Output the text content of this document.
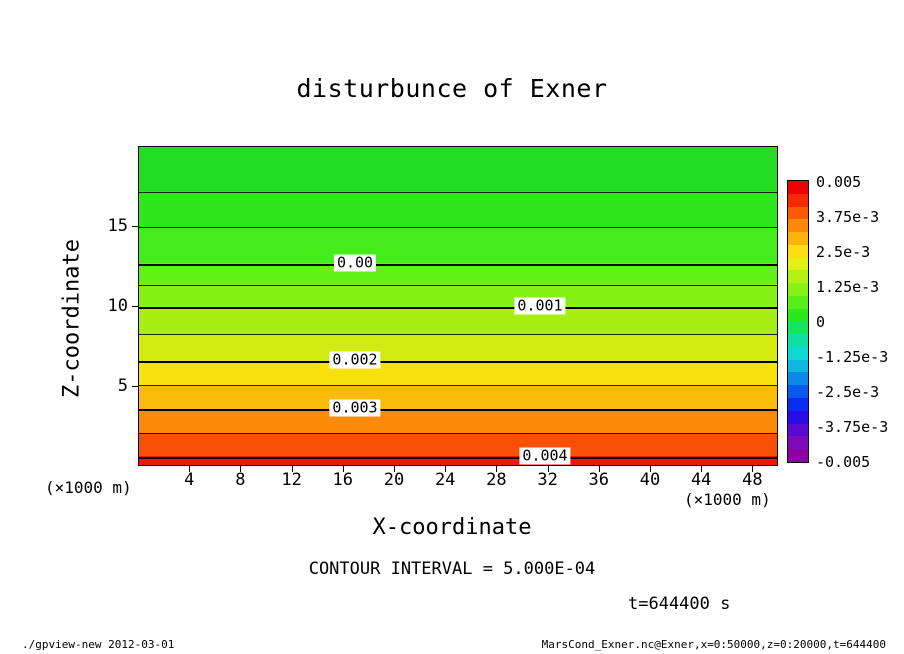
disturbunce of Exner
0.00
0.001
0.002
0.003
0.004
4 8 12 16 20 24 28 32 36 40 44 48
5
10
15
(×1000 m)
(×1000 m)
X-coordinate
Z-coordinate
0.005
3.75e-3
2.5e-3
1.25e-3
0
-1.25e-3
-2.5e-3
-3.75e-3
-0.005
CONTOUR INTERVAL = 5.000E-04
t=644400 s
./gpview-new 2012-03-01	MarsCond_Exner.nc@Exner,x=0:50000,z=0:20000,t=644400
